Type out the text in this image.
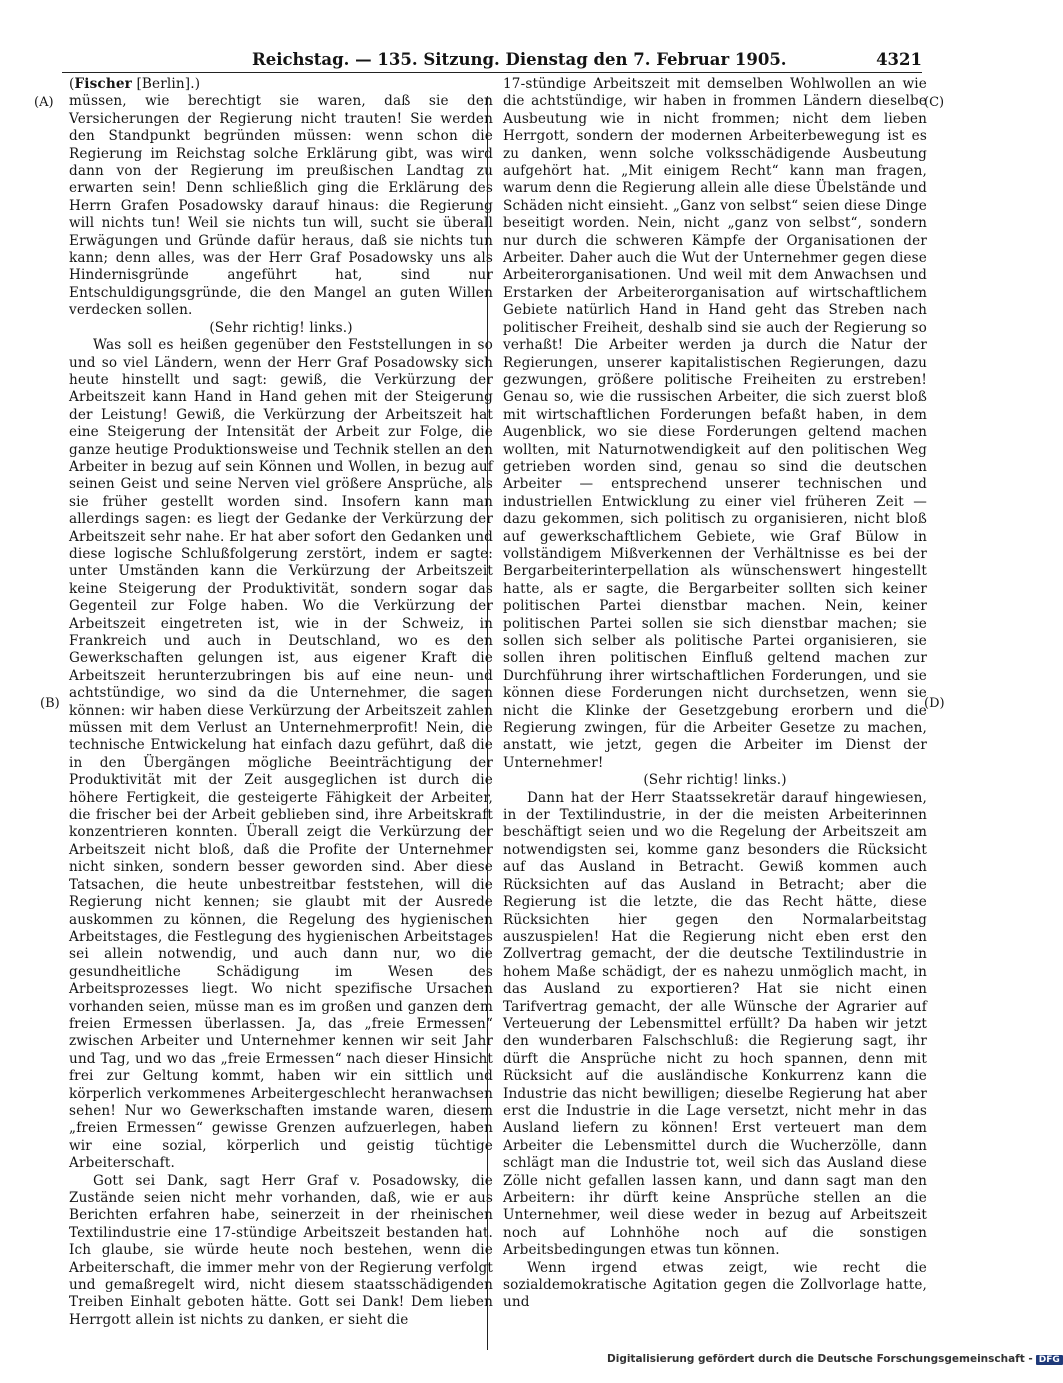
Reichstag. — 135. Sitzung. Dienstag den 7. Februar 1905.	4321

(Fischer [Berlin].)

müssen, wie berechtigt sie waren, daß sie den Versicherungen der Regierung nicht trauten! Sie werden den Standpunkt begründen müssen: wenn schon die Regierung im Reichstag solche Erklärung gibt, was wird dann von der Regierung im preußischen Landtag zu erwarten sein! Denn schließlich ging die Erklärung des Herrn Grafen Posadowsky darauf hinaus: die Regierung will nichts tun! Weil sie nichts tun will, sucht sie überall Erwägungen und Gründe dafür heraus, daß sie nichts tun kann; denn alles, was der Herr Graf Posadowsky uns als Hindernisgründe angeführt hat, sind nur Entschuldigungsgründe, die den Mangel an guten Willen verdecken sollen.

(Sehr richtig! links.)

Was soll es heißen gegenüber den Feststellungen in so und so viel Ländern, wenn der Herr Graf Posadowsky sich heute hinstellt und sagt: gewiß, die Verkürzung der Arbeitszeit kann Hand in Hand gehen mit der Steigerung der Leistung! Gewiß, die Verkürzung der Arbeitszeit hat eine Steigerung der Intensität der Arbeit zur Folge, die ganze heutige Produktionsweise und Technik stellen an den Arbeiter in bezug auf sein Können und Wollen, in bezug auf seinen Geist und seine Nerven viel größere Ansprüche, als sie früher gestellt worden sind. Insofern kann man allerdings sagen: es liegt der Gedanke der Verkürzung der Arbeitszeit sehr nahe. Er hat aber sofort den Gedanken und diese logische Schlußfolgerung zerstört, indem er sagte: unter Umständen kann die Verkürzung der Arbeitszeit keine Steigerung der Produktivität, sondern sogar das Gegenteil zur Folge haben. Wo die Verkürzung der Arbeitszeit eingetreten ist, wie in der Schweiz, in Frankreich und auch in Deutschland, wo es den Gewerkschaften gelungen ist, aus eigener Kraft die Arbeitszeit herunterzubringen bis auf eine neun- und achtstündige, wo sind da die Unternehmer, die sagen können: wir haben diese Verkürzung der Arbeitszeit zahlen müssen mit dem Verlust an Unternehmerprofit! Nein, die technische Entwickelung hat einfach dazu geführt, daß die in den Übergängen mögliche Beeinträchtigung der Produktivität mit der Zeit ausgeglichen ist durch die höhere Fertigkeit, die gesteigerte Fähigkeit der Arbeiter, die frischer bei der Arbeit geblieben sind, ihre Arbeitskraft konzentrieren konnten. Überall zeigt die Verkürzung der Arbeitszeit nicht bloß, daß die Profite der Unternehmer nicht sinken, sondern besser geworden sind. Aber diese Tatsachen, die heute unbestreitbar feststehen, will die Regierung nicht kennen; sie glaubt mit der Ausrede auskommen zu können, die Regelung des hygienischen Arbeitstages, die Festlegung des hygienischen Arbeitstages sei allein notwendig, und auch dann nur, wo die gesundheitliche Schädigung im Wesen des Arbeitsprozesses liegt. Wo nicht spezifische Ursachen vorhanden seien, müsse man es im großen und ganzen dem freien Ermessen überlassen. Ja, das „freie Ermessen“ zwischen Arbeiter und Unternehmer kennen wir seit Jahr und Tag, und wo das „freie Ermessen“ nach dieser Hinsicht frei zur Geltung kommt, haben wir ein sittlich und körperlich verkommenes Arbeitergeschlecht heranwachsen sehen! Nur wo Gewerkschaften imstande waren, diesem „freien Ermessen“ gewisse Grenzen aufzuerlegen, haben wir eine sozial, körperlich und geistig tüchtige Arbeiterschaft.

Gott sei Dank, sagt Herr Graf v. Posadowsky, die Zustände seien nicht mehr vorhanden, daß, wie er aus Berichten erfahren habe, seinerzeit in der rheinischen Textilindustrie eine 17-stündige Arbeitszeit bestanden hat. Ich glaube, sie würde heute noch bestehen, wenn die Arbeiterschaft, die immer mehr von der Regierung verfolgt und gemaßregelt wird, nicht diesem staatsschädigenden Treiben Einhalt geboten hätte. Gott sei Dank! Dem lieben Herrgott allein ist nichts zu danken, er sieht die

17-stündige Arbeitszeit mit demselben Wohlwollen an wie die achtstündige, wir haben in frommen Ländern dieselbe Ausbeutung wie in nicht frommen; nicht dem lieben Herrgott, sondern der modernen Arbeiterbewegung ist es zu danken, wenn solche volksschädigende Ausbeutung aufgehört hat. „Mit einigem Recht“ kann man fragen, warum denn die Regierung allein alle diese Übelstände und Schäden nicht einsieht. „Ganz von selbst“ seien diese Dinge beseitigt worden. Nein, nicht „ganz von selbst“, sondern nur durch die schweren Kämpfe der Organisationen der Arbeiter. Daher auch die Wut der Unternehmer gegen diese Arbeiterorganisationen. Und weil mit dem Anwachsen und Erstarken der Arbeiterorganisation auf wirtschaftlichem Gebiete natürlich Hand in Hand geht das Streben nach politischer Freiheit, deshalb sind sie auch der Regierung so verhaßt! Die Arbeiter werden ja durch die Natur der Regierungen, unserer kapitalistischen Regierungen, dazu gezwungen, größere politische Freiheiten zu erstreben! Genau so, wie die russischen Arbeiter, die sich zuerst bloß mit wirtschaftlichen Forderungen befaßt haben, in dem Augenblick, wo sie diese Forderungen geltend machen wollten, mit Naturnotwendigkeit auf den politischen Weg getrieben worden sind, genau so sind die deutschen Arbeiter — entsprechend unserer technischen und industriellen Entwicklung zu einer viel früheren Zeit — dazu gekommen, sich politisch zu organisieren, nicht bloß auf gewerkschaftlichem Gebiete, wie Graf Bülow in vollständigem Mißverkennen der Verhältnisse es bei der Bergarbeiterinterpellation als wünschenswert hingestellt hatte, als er sagte, die Bergarbeiter sollten sich keiner politischen Partei dienstbar machen. Nein, keiner politischen Partei sollen sie sich dienstbar machen; sie sollen sich selber als politische Partei organisieren, sie sollen ihren politischen Einfluß geltend machen zur Durchführung ihrer wirtschaftlichen Forderungen, und sie können diese Forderungen nicht durchsetzen, wenn sie nicht die Klinke der Gesetzgebung erorbern und die Regierung zwingen, für die Arbeiter Gesetze zu machen, anstatt, wie jetzt, gegen die Arbeiter im Dienst der Unternehmer!

(Sehr richtig! links.)

Dann hat der Herr Staatssekretär darauf hingewiesen, in der Textilindustrie, in der die meisten Arbeiterinnen beschäftigt seien und wo die Regelung der Arbeitszeit am notwendigsten sei, komme ganz besonders die Rücksicht auf das Ausland in Betracht. Gewiß kommen auch Rücksichten auf das Ausland in Betracht; aber die Regierung ist die letzte, die das Recht hätte, diese Rücksichten hier gegen den Normalarbeitstag auszuspielen! Hat die Regierung nicht eben erst den Zollvertrag gemacht, der die deutsche Textilindustrie in hohem Maße schädigt, der es nahezu unmöglich macht, in das Ausland zu exportieren? Hat sie nicht einen Tarifvertrag gemacht, der alle Wünsche der Agrarier auf Verteuerung der Lebensmittel erfüllt? Da haben wir jetzt den wunderbaren Falschschluß: die Regierung sagt, ihr dürft die Ansprüche nicht zu hoch spannen, denn mit Rücksicht auf die ausländische Konkurrenz kann die Industrie das nicht bewilligen; dieselbe Regierung hat aber erst die Industrie in die Lage versetzt, nicht mehr in das Ausland liefern zu können! Erst verteuert man dem Arbeiter die Lebensmittel durch die Wucherzölle, dann schlägt man die Industrie tot, weil sich das Ausland diese Zölle nicht gefallen lassen kann, und dann sagt man den Arbeitern: ihr dürft keine Ansprüche stellen an die Unternehmer, weil diese weder in bezug auf Arbeitszeit noch auf Lohnhöhe noch auf die sonstigen Arbeitsbedingungen etwas tun können.

Wenn irgend etwas zeigt, wie recht die sozialdemokratische Agitation gegen die Zollvorlage hatte, und

(A)
(B)
(C)
(D)
Digitalisierung gefördert durch die Deutsche Forschungsgemeinschaft - DFG
